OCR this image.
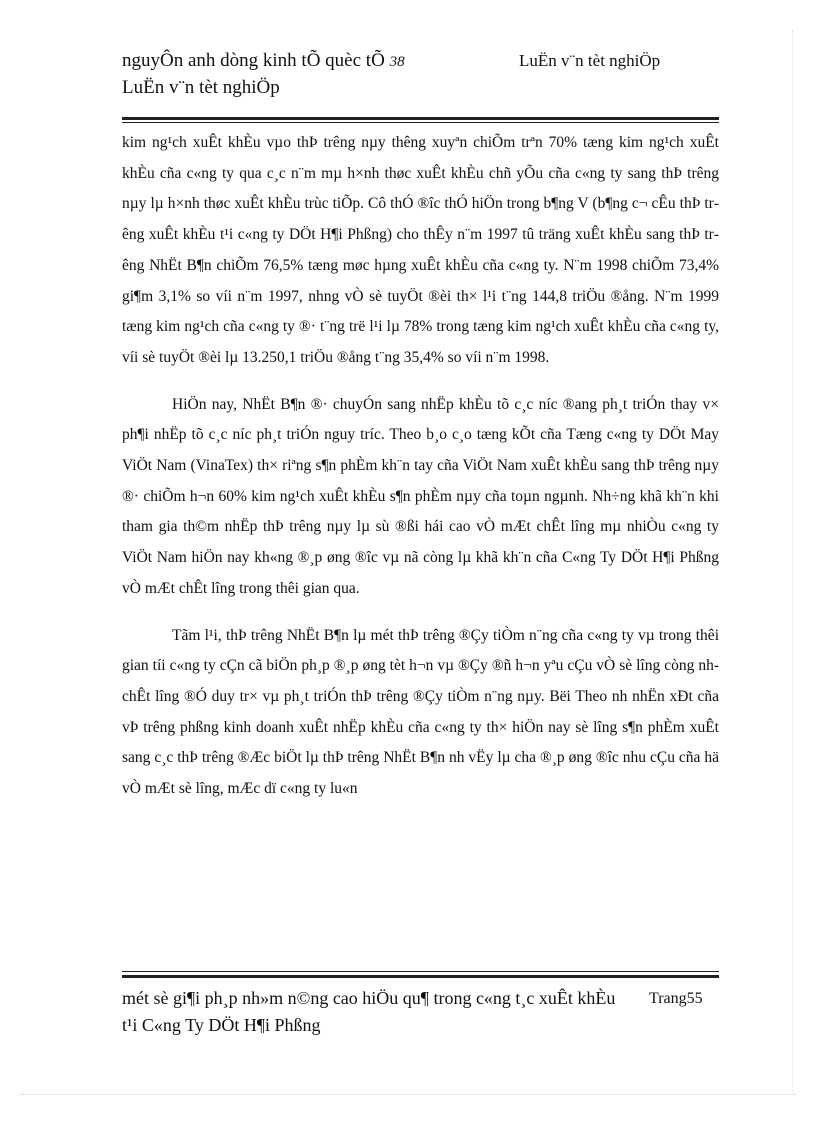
nguyÔn anh dòng kinh tÕ quèc tÕ 38	LuËn v¨n tèt nghiÖp
LuËn v¨n tèt nghiÖp

kim ng¹ch xuÊt khÈu vµo thÞ trêng nµy thêng xuyªn chiÕm trªn 70% tæng kim ng¹ch xuÊt khÈu cña c«ng ty qua c¸c n¨m mµ h×nh thøc xuÊt khÈu chñ yÕu cña c«ng ty sang thÞ trêng nµy lµ h×nh thøc xuÊt khÈu trùc tiÕp. Cô thÓ ®îc thÓ hiÖn trong b¶ng V (b¶ng c¬ cÊu thÞ trêng xuÊt khÈu t¹i c«ng ty DÖt H¶i Phßng) cho thÊy n¨m 1997 tû träng xuÊt khÈu sang thÞ trêng NhËt B¶n chiÕm 76,5% tæng møc hµng xuÊt khÈu cña c«ng ty. N¨m 1998 chiÕm 73,4% gi¶m 3,1% so víi n¨m 1997, nhng vÒ sè tuyÖt ®èi th× l¹i t¨ng 144,8 triÖu ®ång. N¨m 1999 tæng kim ng¹ch cña c«ng ty ®· t¨ng trë l¹i lµ 78% trong tæng kim ng¹ch xuÊt khÈu cña c«ng ty, víi sè tuyÖt ®èi lµ 13.250,1 triÖu ®ång t¨ng 35,4% so víi n¨m 1998.

HiÖn nay, NhËt B¶n ®· chuyÓn sang nhËp khÈu tõ c¸c níc ®ang ph¸t triÓn thay v× ph¶i nhËp tõ c¸c níc ph¸t triÓn nguy tríc. Theo b¸o c¸o tæng kÕt cña Tæng c«ng ty DÖt May ViÖt Nam (VinaTex) th× riªng s¶n phÈm kh¨n tay cña ViÖt Nam xuÊt khÈu sang thÞ trêng nµy ®· chiÕm h¬n 60% kim ng¹ch xuÊt khÈu s¶n phÈm nµy cña toµn ngµnh. Nh÷ng khã kh¨n khi tham gia th©m nhËp thÞ trêng nµy lµ sù ®ßi hái cao vÒ mÆt chÊt lîng mµ nhiÒu c«ng ty ViÖt Nam hiÖn nay kh«ng ®¸p øng ®îc vµ nã còng lµ khã kh¨n cña C«ng Ty DÖt H¶i Phßng vÒ mÆt chÊt lîng trong thêi gian qua.

Tãm l¹i, thÞ trêng NhËt B¶n lµ mét thÞ trêng ®Çy tiÒm n¨ng cña c«ng ty vµ trong thêi gian tíi c«ng ty cÇn cã biÖn ph¸p ®¸p øng tèt h¬n vµ ®Çy ®ñ h¬n yªu cÇu vÒ sè lîng còng nh chÊt lîng ®Ó duy tr× vµ ph¸t triÓn thÞ trêng ®Çy tiÒm n¨ng nµy. Bëi Theo nh nhËn xÐt cña vÞ trêng phßng kinh doanh xuÊt nhËp khÈu cña c«ng ty th× hiÖn nay sè lîng s¶n phÈm xuÊt sang c¸c thÞ trêng ®Æc biÖt lµ thÞ trêng NhËt B¶n nh vËy lµ cha ®¸p øng ®îc nhu cÇu cña hä vÒ mÆt sè lîng, mÆc dï c«ng ty lu«n

mét sè gi¶i ph¸p nh»m n©ng cao hiÖu qu¶ trong c«ng t¸c xuÊt khÈu	Trang55
t¹i C«ng Ty DÖt H¶i Phßng
